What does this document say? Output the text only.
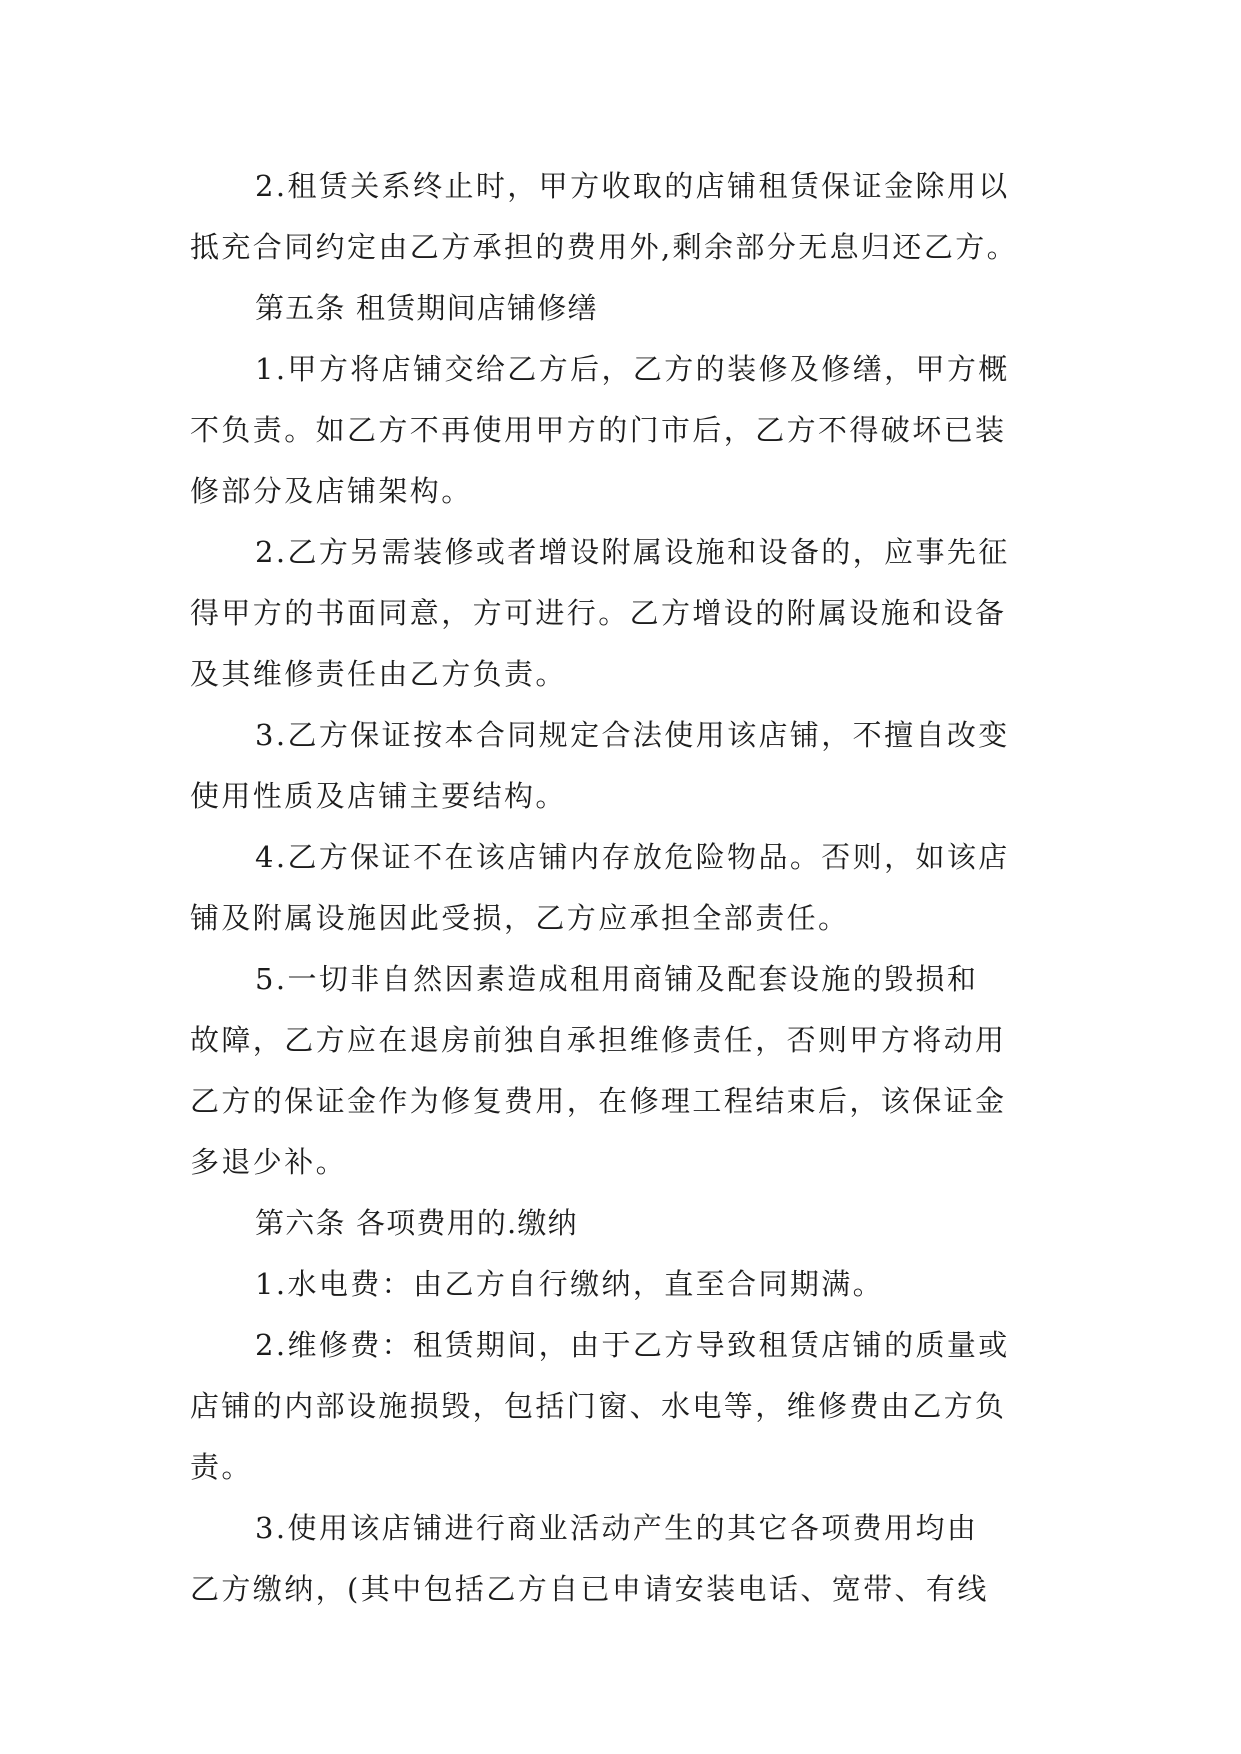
2.租赁关系终止时，甲方收取的店铺租赁保证金除用以
抵充合同约定由乙方承担的费用外,剩余部分无息归还乙方。
第五条 租赁期间店铺修缮
1.甲方将店铺交给乙方后，乙方的装修及修缮，甲方概
不负责。如乙方不再使用甲方的门市后，乙方不得破坏已装
修部分及店铺架构。
2.乙方另需装修或者增设附属设施和设备的，应事先征
得甲方的书面同意，方可进行。乙方增设的附属设施和设备
及其维修责任由乙方负责。
3.乙方保证按本合同规定合法使用该店铺，不擅自改变
使用性质及店铺主要结构。
4.乙方保证不在该店铺内存放危险物品。否则，如该店
铺及附属设施因此受损，乙方应承担全部责任。
5.一切非自然因素造成租用商铺及配套设施的毁损和
故障，乙方应在退房前独自承担维修责任，否则甲方将动用
乙方的保证金作为修复费用，在修理工程结束后，该保证金
多退少补。
第六条 各项费用的.缴纳
1.水电费：由乙方自行缴纳，直至合同期满。
2.维修费：租赁期间，由于乙方导致租赁店铺的质量或
店铺的内部设施损毁，包括门窗、水电等，维修费由乙方负
责。
3.使用该店铺进行商业活动产生的其它各项费用均由
乙方缴纳，(其中包括乙方自已申请安装电话、宽带、有线
